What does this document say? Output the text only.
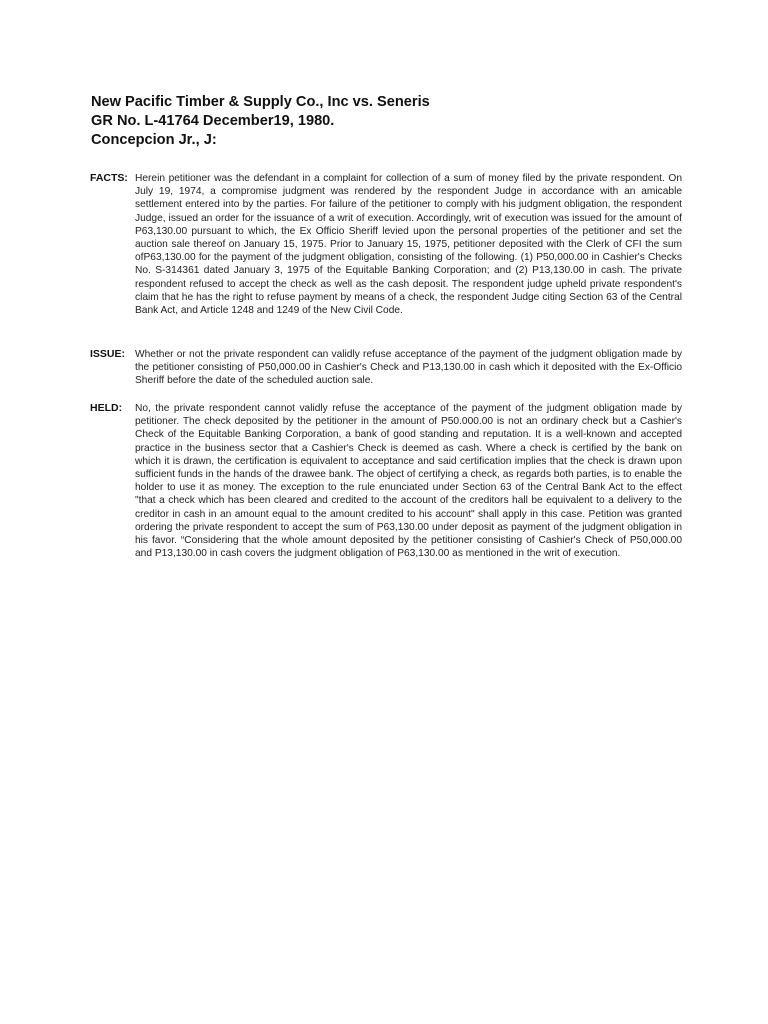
New Pacific Timber & Supply Co., Inc vs. Seneris
GR No. L-41764 December19, 1980.
Concepcion Jr., J:
FACTS: Herein petitioner was the defendant in a complaint for collection of a sum of money filed by the private respondent. On July 19, 1974, a compromise judgment was rendered by the respondent Judge in accordance with an amicable settlement entered into by the parties. For failure of the petitioner to comply with his judgment obligation, the respondent Judge, issued an order for the issuance of a writ of execution. Accordingly, writ of execution was issued for the amount of P63,130.00 pursuant to which, the Ex Officio Sheriff levied upon the personal properties of the petitioner and set the auction sale thereof on January 15, 1975. Prior to January 15, 1975, petitioner deposited with the Clerk of CFI the sum ofP63,130.00 for the payment of the judgment obligation, consisting of the following. (1) P50,000.00 in Cashier's Checks No. S-314361 dated January 3, 1975 of the Equitable Banking Corporation; and (2) P13,130.00 in cash. The private respondent refused to accept the check as well as the cash deposit. The respondent judge upheld private respondent's claim that he has the right to refuse payment by means of a check, the respondent Judge citing Section 63 of the Central Bank Act, and Article 1248 and 1249 of the New Civil Code.
ISSUE: Whether or not the private respondent can validly refuse acceptance of the payment of the judgment obligation made by the petitioner consisting of P50,000.00 in Cashier's Check and P13,130.00 in cash which it deposited with the Ex-Officio Sheriff before the date of the scheduled auction sale.
HELD: No, the private respondent cannot validly refuse the acceptance of the payment of the judgment obligation made by petitioner. The check deposited by the petitioner in the amount of P50.000.00 is not an ordinary check but a Cashier's Check of the Equitable Banking Corporation, a bank of good standing and reputation. It is a well-known and accepted practice in the business sector that a Cashier's Check is deemed as cash. Where a check is certified by the bank on which it is drawn, the certification is equivalent to acceptance and said certification implies that the check is drawn upon sufficient funds in the hands of the drawee bank. The object of certifying a check, as regards both parties, is to enable the holder to use it as money. The exception to the rule enunciated under Section 63 of the Central Bank Act to the effect "that a check which has been cleared and credited to the account of the creditors hall be equivalent to a delivery to the creditor in cash in an amount equal to the amount credited to his account" shall apply in this case. Petition was granted ordering the private respondent to accept the sum of P63,130.00 under deposit as payment of the judgment obligation in his favor. “Considering that the whole amount deposited by the petitioner consisting of Cashier's Check of P50,000.00 and P13,130.00 in cash covers the judgment obligation of P63,130.00 as mentioned in the writ of execution.
